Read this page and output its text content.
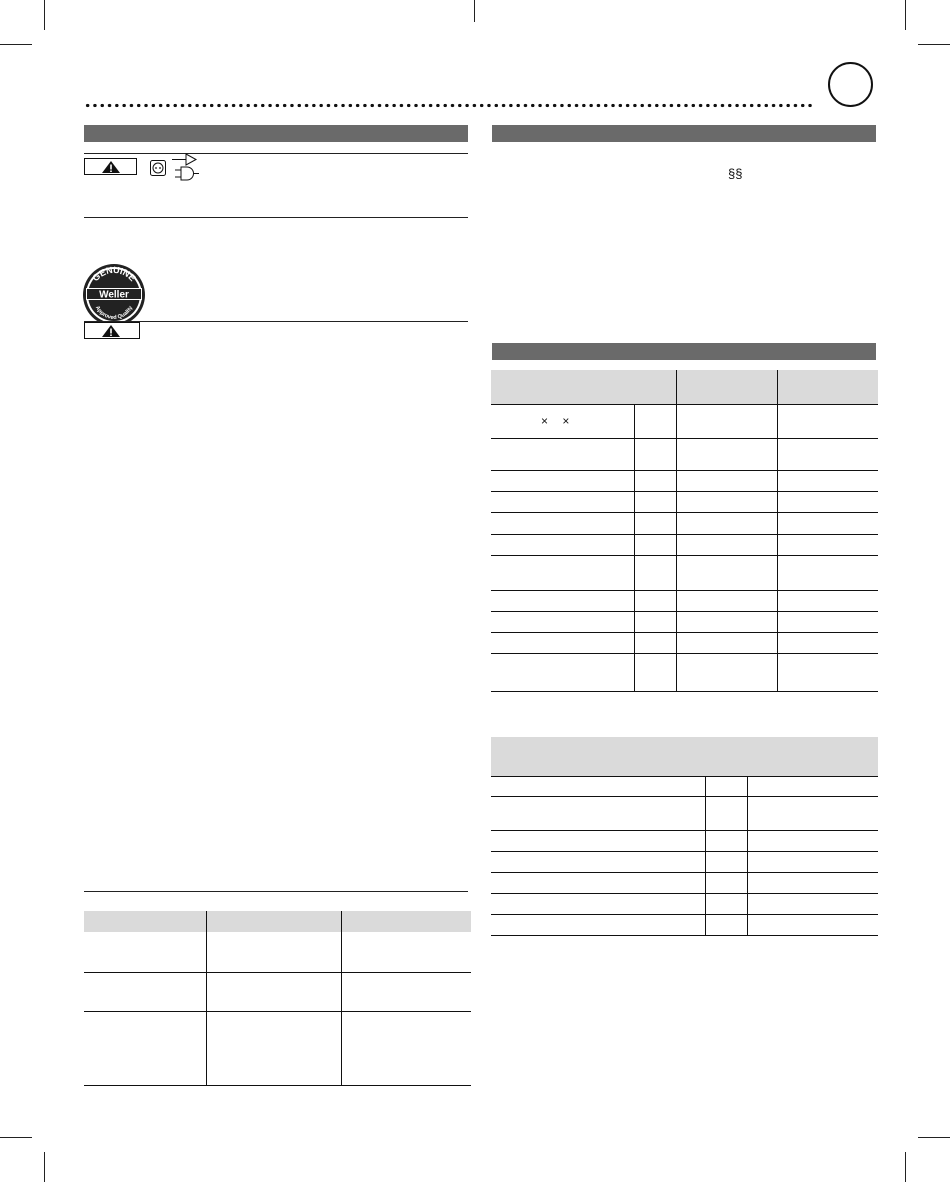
GENUINE
Weller
Approved Quality

§§

× ×			
